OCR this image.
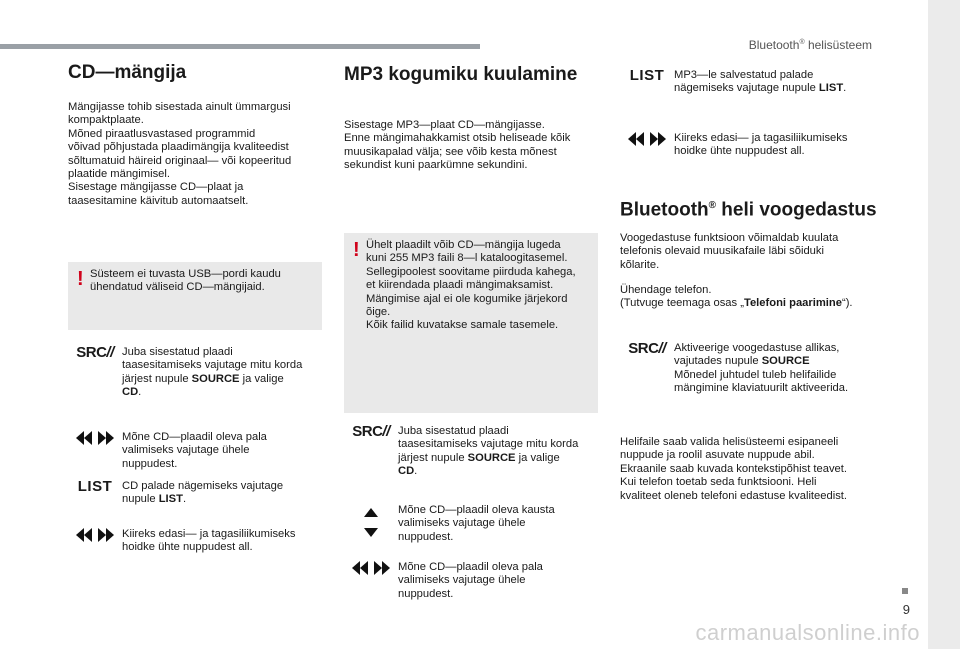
Bluetooth® helisüsteem
9
carmanualsonline.info
CD—mängija
Mängijasse tohib sisestada ainult ümmargusi
kompaktplaate.
Mõned piraatlusvastased programmid
võivad põhjustada plaadimängija kvaliteedist
sõltumatuid häireid originaal— või kopeeritud
plaatide mängimisel.
Sisestage mängijasse CD—plaat ja
taasesitamine käivitub automaatselt.
! Süsteem ei tuvasta USB—pordi kaudu
ühendatud väliseid CD—mängijaid.
SRC // Juba sisestatud plaadi
taasesitamiseks vajutage mitu korda
järjest nupule SOURCE ja valige
CD.
Mõne CD—plaadil oleva pala
valimiseks vajutage ühele
nuppudest.
LIST CD palade nägemiseks vajutage
nupule LIST.
Kiireks edasi— ja tagasiliikumiseks
hoidke ühte nuppudest all.
MP3 kogumiku kuulamine
Sisestage MP3—plaat CD—mängijasse.
Enne mängimahakkamist otsib heliseade kõik
muusikapalad välja; see võib kesta mõnest
sekundist kuni paarkümne sekundini.
! Ühelt plaadilt võib CD—mängija lugeda
kuni 255 MP3 faili 8—l kataloogitasemel.
Sellegipoolest soovitame piirduda kahega,
et kiirendada plaadi mängimaksamist.
Mängimise ajal ei ole kogumike järjekord
õige.
Kõik failid kuvatakse samale tasemele.
SRC // Juba sisestatud plaadi
taasesitamiseks vajutage mitu korda
järjest nupule SOURCE ja valige
CD.
Mõne CD—plaadil oleva kausta
valimiseks vajutage ühele
nuppudest.
Mõne CD—plaadil oleva pala
valimiseks vajutage ühele
nuppudest.
LIST MP3—le salvestatud palade
nägemiseks vajutage nupule LIST.
Kiireks edasi— ja tagasiliikumiseks
hoidke ühte nuppudest all.
Bluetooth® heli voogedastus
Voogedastuse funktsioon võimaldab kuulata
telefonis olevaid muusikafaile läbi sõiduki
kõlarite.
Ühendage telefon.
(Tutvuge teemaga osas „Telefoni paarimine“).
SRC // Aktiveerige voogedastuse allikas,
vajutades nupule SOURCE
Mõnedel juhtudel tuleb helifailide
mängimine klaviatuurilt aktiveerida.
Helifaile saab valida helisüsteemi esipaneeli
nuppude ja roolil asuvate nuppude abil.
Ekraanile saab kuvada kontekstipõhist teavet.
Kui telefon toetab seda funktsiooni. Heli
kvaliteet oleneb telefoni edastuse kvaliteedist.
